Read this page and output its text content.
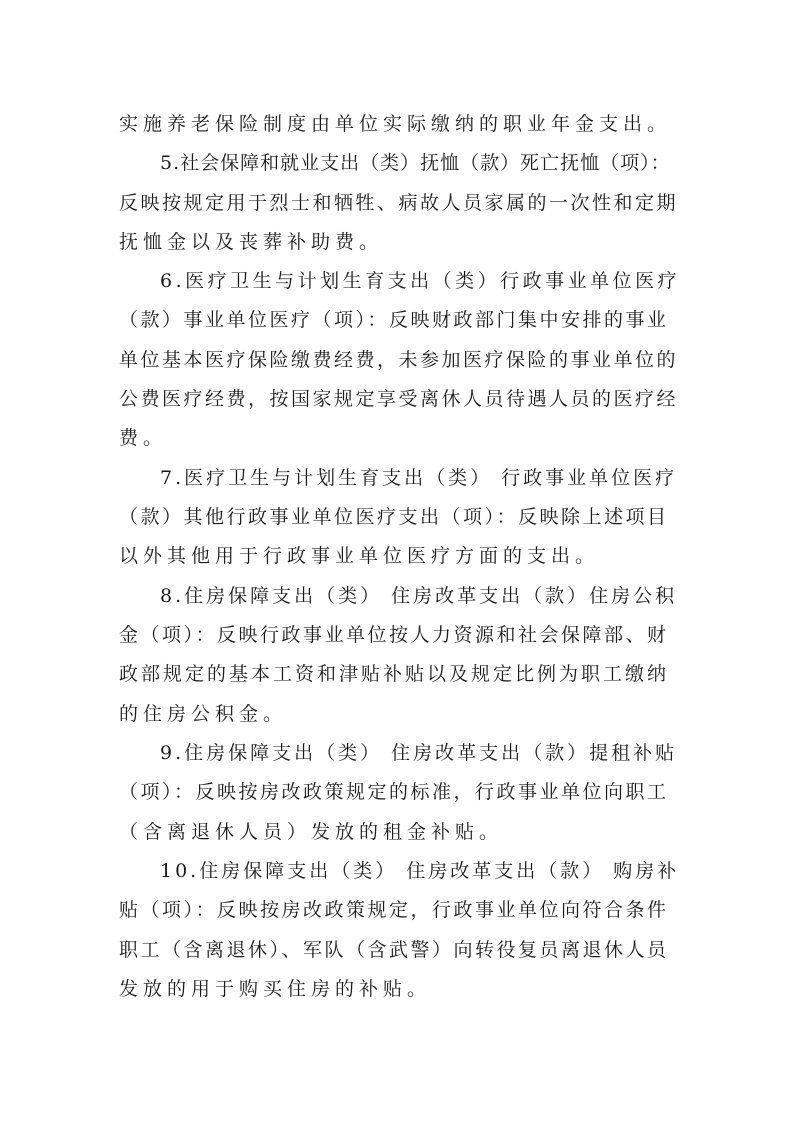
实施养老保险制度由单位实际缴纳的职业年金支出。
5.社会保障和就业支出（类）抚恤（款）死亡抚恤（项）：
反映按规定用于烈士和牺牲、病故人员家属的一次性和定期
抚恤金以及丧葬补助费。
6.医疗卫生与计划生育支出（类）行政事业单位医疗
（款）事业单位医疗（项）：反映财政部门集中安排的事业
单位基本医疗保险缴费经费，未参加医疗保险的事业单位的
公费医疗经费，按国家规定享受离休人员待遇人员的医疗经
费。
7.医疗卫生与计划生育支出（类） 行政事业单位医疗
（款）其他行政事业单位医疗支出（项）：反映除上述项目
以外其他用于行政事业单位医疗方面的支出。
8.住房保障支出（类） 住房改革支出（款）住房公积
金（项）：反映行政事业单位按人力资源和社会保障部、财
政部规定的基本工资和津贴补贴以及规定比例为职工缴纳
的住房公积金。
9.住房保障支出（类） 住房改革支出（款）提租补贴
（项）：反映按房改政策规定的标准，行政事业单位向职工
（含离退休人员）发放的租金补贴。
10.住房保障支出（类） 住房改革支出（款） 购房补
贴（项）：反映按房改政策规定，行政事业单位向符合条件
职工（含离退休）、军队（含武警）向转役复员离退休人员
发放的用于购买住房的补贴。
